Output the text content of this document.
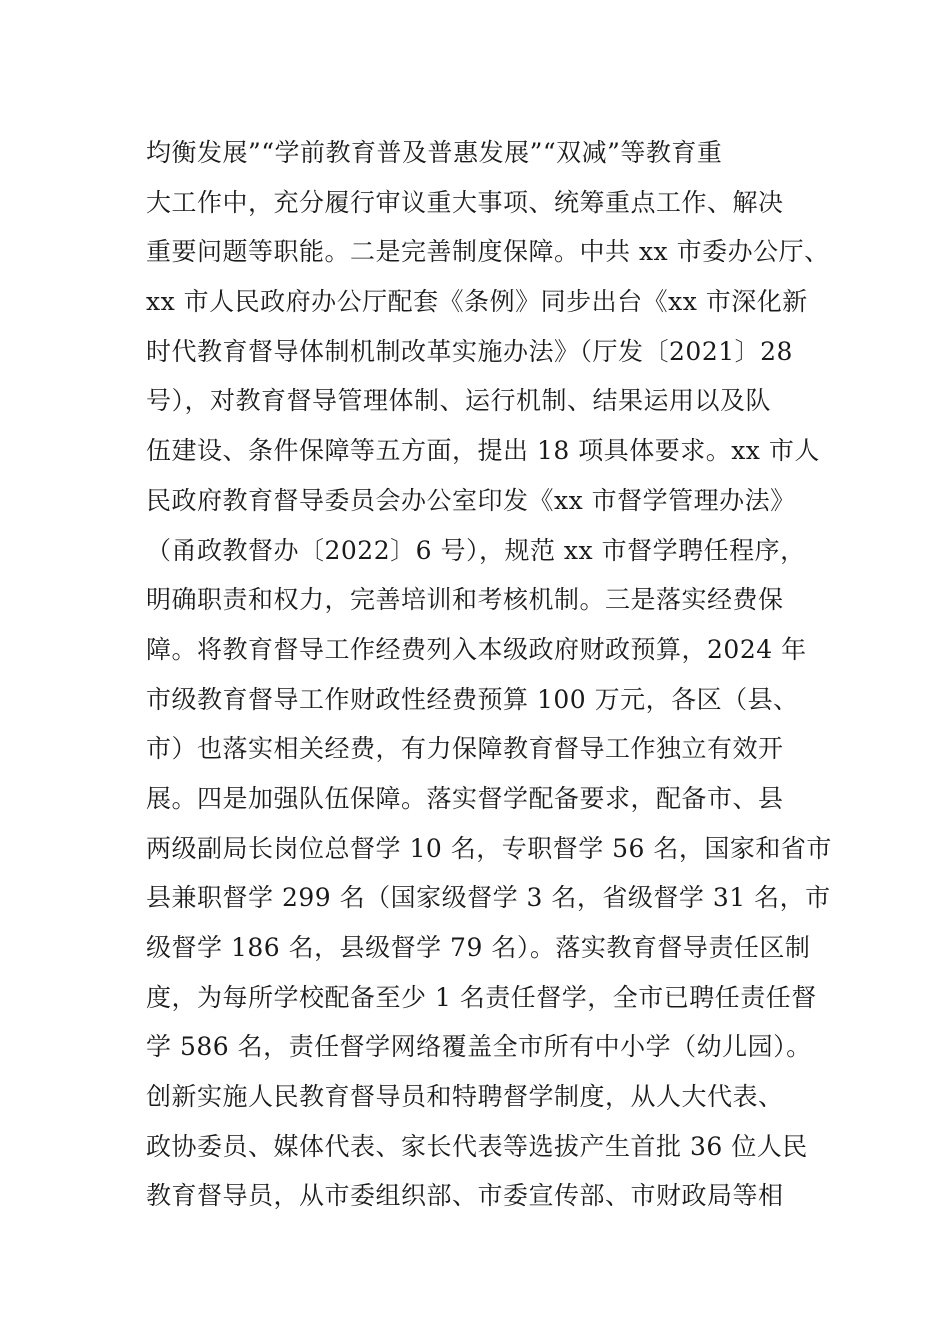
均衡发展”“学前教育普及普惠发展”“双减”等教育重
大工作中，充分履行审议重大事项、统筹重点工作、解决
重要问题等职能。二是完善制度保障。中共 xx 市委办公厅、
xx 市人民政府办公厅配套《条例》同步出台《xx 市深化新
时代教育督导体制机制改革实施办法》（厅发〔2021〕28
号），对教育督导管理体制、运行机制、结果运用以及队
伍建设、条件保障等五方面，提出 18 项具体要求。xx 市人
民政府教育督导委员会办公室印发《xx 市督学管理办法》
（甬政教督办〔2022〕6 号），规范 xx 市督学聘任程序，
明确职责和权力，完善培训和考核机制。三是落实经费保
障。将教育督导工作经费列入本级政府财政预算，2024 年
市级教育督导工作财政性经费预算 100 万元，各区（县、
市）也落实相关经费，有力保障教育督导工作独立有效开
展。四是加强队伍保障。落实督学配备要求，配备市、县
两级副局长岗位总督学 10 名，专职督学 56 名，国家和省市
县兼职督学 299 名（国家级督学 3 名，省级督学 31 名，市
级督学 186 名，县级督学 79 名）。落实教育督导责任区制
度，为每所学校配备至少 1 名责任督学，全市已聘任责任督
学 586 名，责任督学网络覆盖全市所有中小学（幼儿园）。
创新实施人民教育督导员和特聘督学制度，从人大代表、
政协委员、媒体代表、家长代表等选拔产生首批 36 位人民
教育督导员，从市委组织部、市委宣传部、市财政局等相
